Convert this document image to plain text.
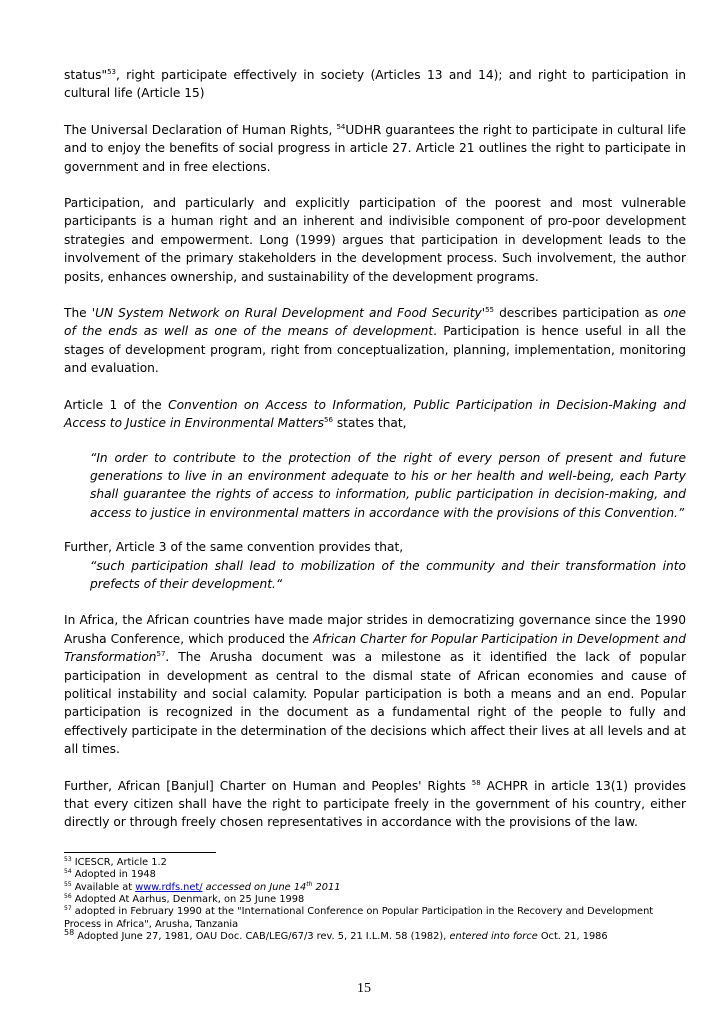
status"$^{53}$, right participate effectively in society (Articles 13 and 14); and right to participation in cultural life (Article 15)

The Universal Declaration of Human Rights, $^{54}$UDHR guarantees the right to participate in cultural life and to enjoy the benefits of social progress in article 27. Article 21 outlines the right to participate in government and in free elections.

Participation, and particularly and explicitly participation of the poorest and most vulnerable participants is a human right and an inherent and indivisible component of pro-poor development strategies and empowerment. Long (1999) argues that participation in development leads to the involvement of the primary stakeholders in the development process. Such involvement, the author posits, enhances ownership, and sustainability of the development programs.

The 'UN System Network on Rural Development and Food $Security'^{55}$ describes participation as one of the ends as well as one of the means of development. Participation is hence useful in all the stages of development program, right from conceptualization, planning, implementation, monitoring and evaluation.

Article 1 of the Convention on Access to Information, Public Participation in Decision-Making and Access to Justice in Environmental Matters$^{56}$ states that,

“In order to contribute to the protection of the right of every person of present and future generations to live in an environment adequate to his or her health and well-being, each Party shall guarantee the rights of access to information, public participation in decision-making, and access to justice in environmental matters in accordance with the provisions of this Convention.”

Further, Article 3 of the same convention provides that,

“such participation shall lead to mobilization of the community and their transformation into prefects of their development.“

In Africa, the African countries have made major strides in democratizing governance since the 1990 Arusha Conference, which produced the African Charter for Popular Participation in Development and Transformation$^{57}$. The Arusha document was a milestone as it identified the lack of popular participation in development as central to the dismal state of African economies and cause of political instability and social calamity. Popular participation is both a means and an end. Popular participation is recognized in the document as a fundamental right of the people to fully and effectively participate in the determination of the decisions which affect their lives at all levels and at all times.

Further, African [Banjul] Charter on Human and Peoples' Rights $^{58}$ ACHPR in article 13(1) provides that every citizen shall have the right to participate freely in the government of his country, either directly or through freely chosen representatives in accordance with the provisions of the law.

$^{53}$ ICESCR, Article 1.2

$^{54}$ Adopted in 1948

$^{55}$ Available at www.rdfs.net/ accessed on June 14th 2011

$^{56}$ Adopted At Aarhus, Denmark, on 25 June 1998

$^{57}$ adopted in February 1990 at the "International Conference on Popular Participation in the Recovery and Development Process in Africa", Arusha, Tanzania

$^{58}$ Adopted June 27, 1981, OAU Doc. CAB/LEG/67/3 rev. 5, 21 I.L.M. 58 (1982), entered into force Oct. 21, 1986

15
